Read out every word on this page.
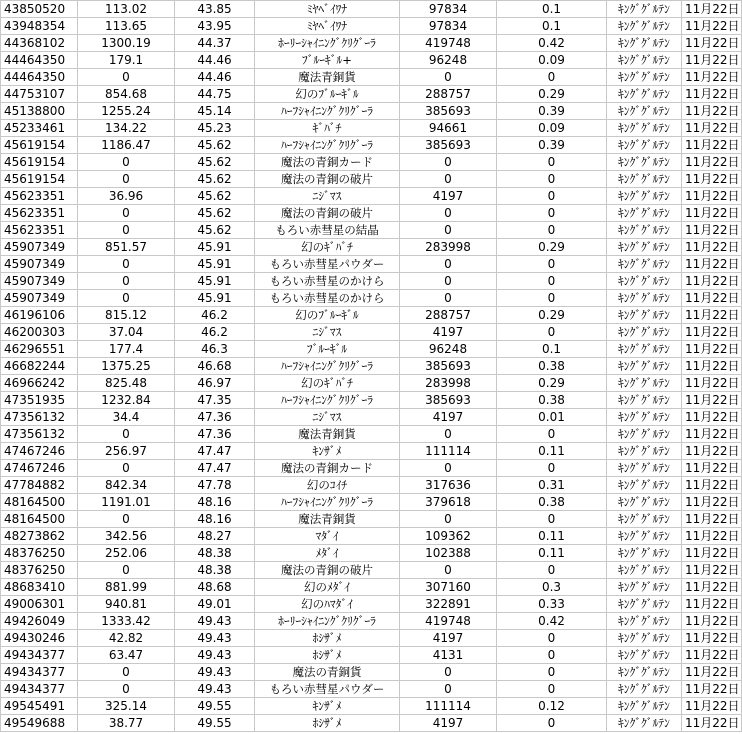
43850520	113.02	43.85	ﾐﾔﾍﾞｲﾜﾅ	97834	0.1	ｷﾝｸﾞｸﾞﾙﾃﾝ	11月22日
43948354	113.65	43.95	ﾐﾔﾍﾞｲﾜﾅ	97834	0.1	ｷﾝｸﾞｸﾞﾙﾃﾝ	11月22日
44368102	1300.19	44.37	ﾎｰﾘｰｼｬｲﾆﾝｸﾞｸﾘｸﾞｰﾗ	419748	0.42	ｷﾝｸﾞｸﾞﾙﾃﾝ	11月22日
44464350	179.1	44.46	ﾌﾞﾙｰｷﾞﾙ+	96248	0.09	ｷﾝｸﾞｸﾞﾙﾃﾝ	11月22日
44464350	0	44.46	魔法青銅貨	0	0	ｷﾝｸﾞｸﾞﾙﾃﾝ	11月22日
44753107	854.68	44.75	幻のﾌﾞﾙｰｷﾞﾙ	288757	0.29	ｷﾝｸﾞｸﾞﾙﾃﾝ	11月22日
45138800	1255.24	45.14	ﾊｰﾌｼｬｲﾆﾝｸﾞｸﾘｸﾞｰﾗ	385693	0.39	ｷﾝｸﾞｸﾞﾙﾃﾝ	11月22日
45233461	134.22	45.23	ｷﾞﾊﾞﾁ	94661	0.09	ｷﾝｸﾞｸﾞﾙﾃﾝ	11月22日
45619154	1186.47	45.62	ﾊｰﾌｼｬｲﾆﾝｸﾞｸﾘｸﾞｰﾗ	385693	0.39	ｷﾝｸﾞｸﾞﾙﾃﾝ	11月22日
45619154	0	45.62	魔法の青銅カード	0	0	ｷﾝｸﾞｸﾞﾙﾃﾝ	11月22日
45619154	0	45.62	魔法の青銅の破片	0	0	ｷﾝｸﾞｸﾞﾙﾃﾝ	11月22日
45623351	36.96	45.62	ﾆｼﾞﾏｽ	4197	0	ｷﾝｸﾞｸﾞﾙﾃﾝ	11月22日
45623351	0	45.62	魔法の青銅の破片	0	0	ｷﾝｸﾞｸﾞﾙﾃﾝ	11月22日
45623351	0	45.62	もろい赤彗星の結晶	0	0	ｷﾝｸﾞｸﾞﾙﾃﾝ	11月22日
45907349	851.57	45.91	幻のｷﾞﾊﾞﾁ	283998	0.29	ｷﾝｸﾞｸﾞﾙﾃﾝ	11月22日
45907349	0	45.91	もろい赤彗星パウダー	0	0	ｷﾝｸﾞｸﾞﾙﾃﾝ	11月22日
45907349	0	45.91	もろい赤彗星のかけら	0	0	ｷﾝｸﾞｸﾞﾙﾃﾝ	11月22日
45907349	0	45.91	もろい赤彗星のかけら	0	0	ｷﾝｸﾞｸﾞﾙﾃﾝ	11月22日
46196106	815.12	46.2	幻のﾌﾞﾙｰｷﾞﾙ	288757	0.29	ｷﾝｸﾞｸﾞﾙﾃﾝ	11月22日
46200303	37.04	46.2	ﾆｼﾞﾏｽ	4197	0	ｷﾝｸﾞｸﾞﾙﾃﾝ	11月22日
46296551	177.4	46.3	ﾌﾞﾙｰｷﾞﾙ	96248	0.1	ｷﾝｸﾞｸﾞﾙﾃﾝ	11月22日
46682244	1375.25	46.68	ﾊｰﾌｼｬｲﾆﾝｸﾞｸﾘｸﾞｰﾗ	385693	0.38	ｷﾝｸﾞｸﾞﾙﾃﾝ	11月22日
46966242	825.48	46.97	幻のｷﾞﾊﾞﾁ	283998	0.29	ｷﾝｸﾞｸﾞﾙﾃﾝ	11月22日
47351935	1232.84	47.35	ﾊｰﾌｼｬｲﾆﾝｸﾞｸﾘｸﾞｰﾗ	385693	0.38	ｷﾝｸﾞｸﾞﾙﾃﾝ	11月22日
47356132	34.4	47.36	ﾆｼﾞﾏｽ	4197	0.01	ｷﾝｸﾞｸﾞﾙﾃﾝ	11月22日
47356132	0	47.36	魔法青銅貨	0	0	ｷﾝｸﾞｸﾞﾙﾃﾝ	11月22日
47467246	256.97	47.47	ｷﾝｻﾞﾒ	111114	0.11	ｷﾝｸﾞｸﾞﾙﾃﾝ	11月22日
47467246	0	47.47	魔法の青銅カード	0	0	ｷﾝｸﾞｸﾞﾙﾃﾝ	11月22日
47784882	842.34	47.78	幻のｺｲﾁ	317636	0.31	ｷﾝｸﾞｸﾞﾙﾃﾝ	11月22日
48164500	1191.01	48.16	ﾊｰﾌｼｬｲﾆﾝｸﾞｸﾘｸﾞｰﾗ	379618	0.38	ｷﾝｸﾞｸﾞﾙﾃﾝ	11月22日
48164500	0	48.16	魔法青銅貨	0	0	ｷﾝｸﾞｸﾞﾙﾃﾝ	11月22日
48273862	342.56	48.27	ﾏﾀﾞｲ	109362	0.11	ｷﾝｸﾞｸﾞﾙﾃﾝ	11月22日
48376250	252.06	48.38	ﾒﾀﾞｲ	102388	0.11	ｷﾝｸﾞｸﾞﾙﾃﾝ	11月22日
48376250	0	48.38	魔法の青銅の破片	0	0	ｷﾝｸﾞｸﾞﾙﾃﾝ	11月22日
48683410	881.99	48.68	幻のﾒﾀﾞｲ	307160	0.3	ｷﾝｸﾞｸﾞﾙﾃﾝ	11月22日
49006301	940.81	49.01	幻のﾊﾏﾀﾞｲ	322891	0.33	ｷﾝｸﾞｸﾞﾙﾃﾝ	11月22日
49426049	1333.42	49.43	ﾎｰﾘｰｼｬｲﾆﾝｸﾞｸﾘｸﾞｰﾗ	419748	0.42	ｷﾝｸﾞｸﾞﾙﾃﾝ	11月22日
49430246	42.82	49.43	ﾎｼｻﾞﾒ	4197	0	ｷﾝｸﾞｸﾞﾙﾃﾝ	11月22日
49434377	63.47	49.43	ﾎｼｻﾞﾒ	4131	0	ｷﾝｸﾞｸﾞﾙﾃﾝ	11月22日
49434377	0	49.43	魔法の青銅貨	0	0	ｷﾝｸﾞｸﾞﾙﾃﾝ	11月22日
49434377	0	49.43	もろい赤彗星パウダー	0	0	ｷﾝｸﾞｸﾞﾙﾃﾝ	11月22日
49545491	325.14	49.55	ｷﾝｻﾞﾒ	111114	0.12	ｷﾝｸﾞｸﾞﾙﾃﾝ	11月22日
49549688	38.77	49.55	ﾎｼｻﾞﾒ	4197	0	ｷﾝｸﾞｸﾞﾙﾃﾝ	11月22日
